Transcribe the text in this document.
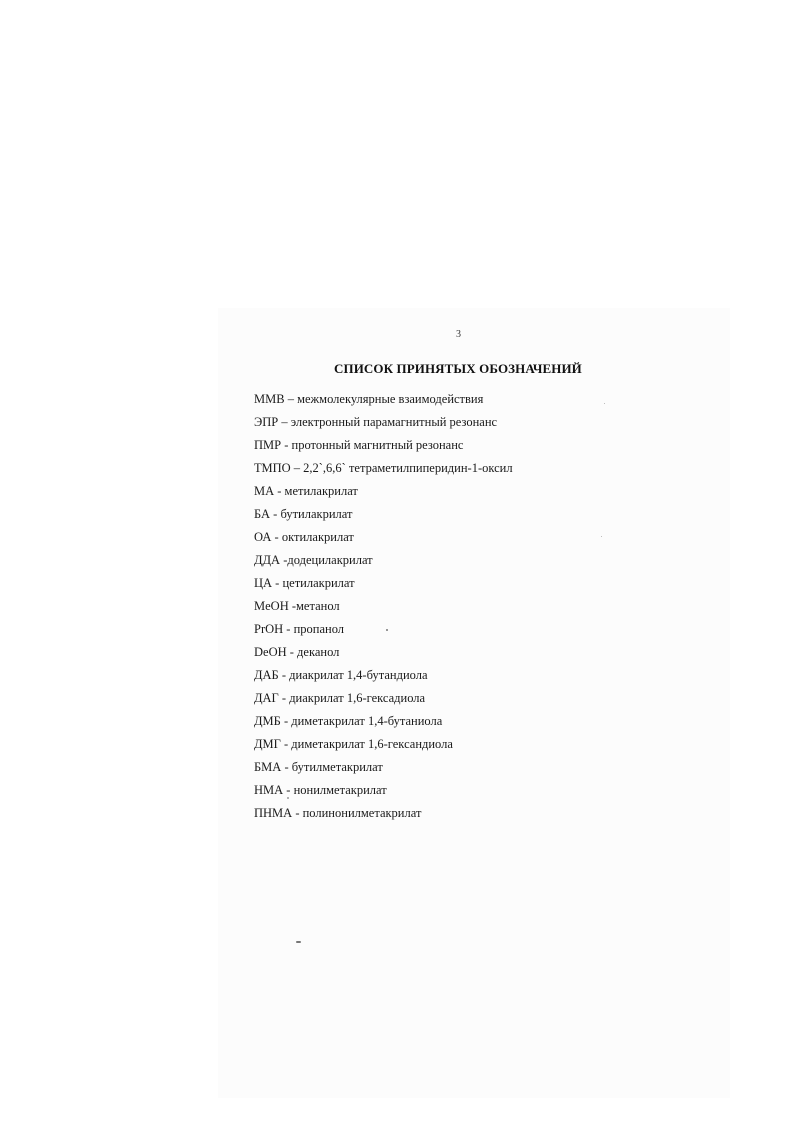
3
СПИСОК ПРИНЯТЫХ ОБОЗНАЧЕНИЙ
ММВ – межмолекулярные взаимодействия
ЭПР – электронный парамагнитный резонанс
ПМР - протонный магнитный резонанс
ТМПО – 2,2`,6,6` тетраметилпиперидин-1-оксил
МА - метилакрилат
БА - бутилакрилат
ОА - октилакрилат
ДДА -додецилакрилат
ЦА - цетилакрилат
MeOH -метанол
PrOH - пропанол
DeOH - деканол
ДАБ - диакрилат 1,4-бутандиола
ДАГ - диакрилат 1,6-гексадиола
ДМБ - диметакрилат 1,4-бутаниола
ДМГ - диметакрилат 1,6-гександиола
БМА - бутилметакрилат
НМА - нонилметакрилат
ПНМА - полинонилметакрилат
